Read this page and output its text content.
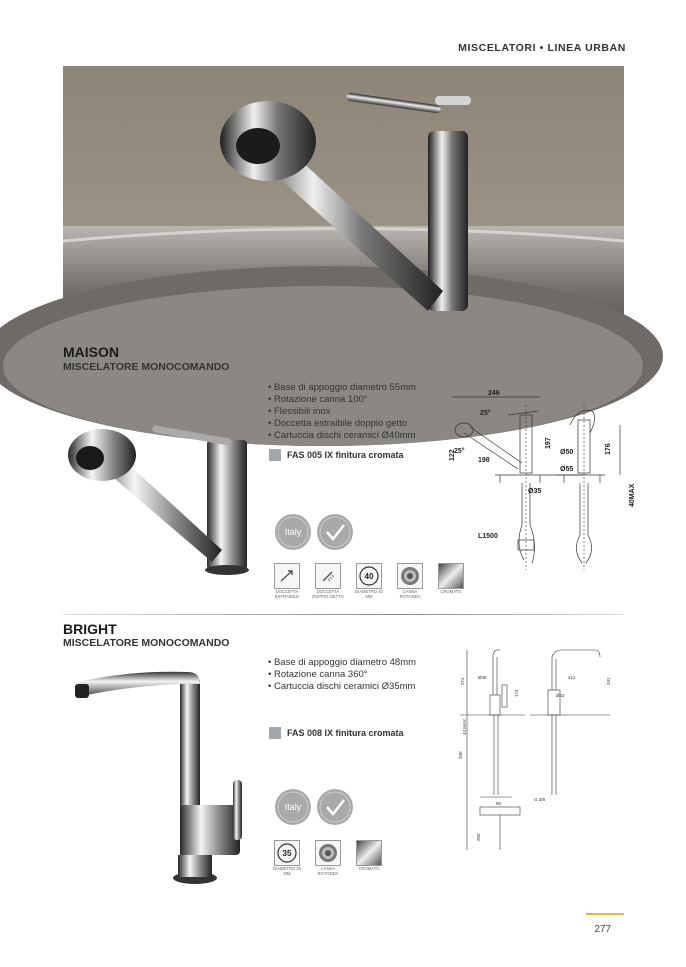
MISCELATORI • LINEA URBAN
MAISON
MISCELATORE MONOCOMANDO
• Base di appoggio diametro 55mm
• Rotazione canna 100°
• Flessibili inox
• Doccetta estraibile doppio getto
• Cartuccia dischi ceramici Ø40mm
FAS 005 IX finitura cromata
Italy
DOCCETTA ESTRAIBILE
DOCCETTA DOPPIO GETTO
40
DIAMETRO 40 MM
CANNA ROTONDA
CROMATO
246
25°
122
25°
198
197
Ø50
Ø55
176
40MAX
Ø35
L1500
BRIGHT
MISCELATORE MONOCOMANDO
• Base di appoggio diametro 48mm
• Rotazione canna 360°
• Cartuccia dischi ceramici Ø35mm
FAS 008 IX finitura cromata
Italy
35
DIAMETRO 35 MM
CANNA ROTONDA
CROMATO
272	Ø48
174
43 MAX
330
212	341
Ø42
G 3/8
90
250
277
